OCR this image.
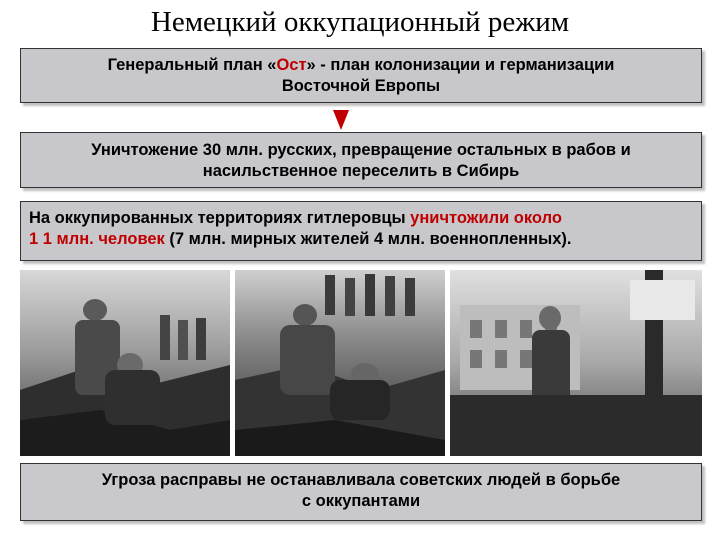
Немецкий оккупационный режим
Генеральный план «Ост» - план колонизации и германизации
Восточной Европы
Уничтожение 30 млн. русских, превращение остальных в рабов и
насильственное переселить в Сибирь
На оккупированных территориях гитлеровцы уничтожили около
1 1 млн. человек (7 млн. мирных жителей 4 млн. военнопленных).
Угроза расправы не останавливала советских людей в борьбе
с оккупантами
